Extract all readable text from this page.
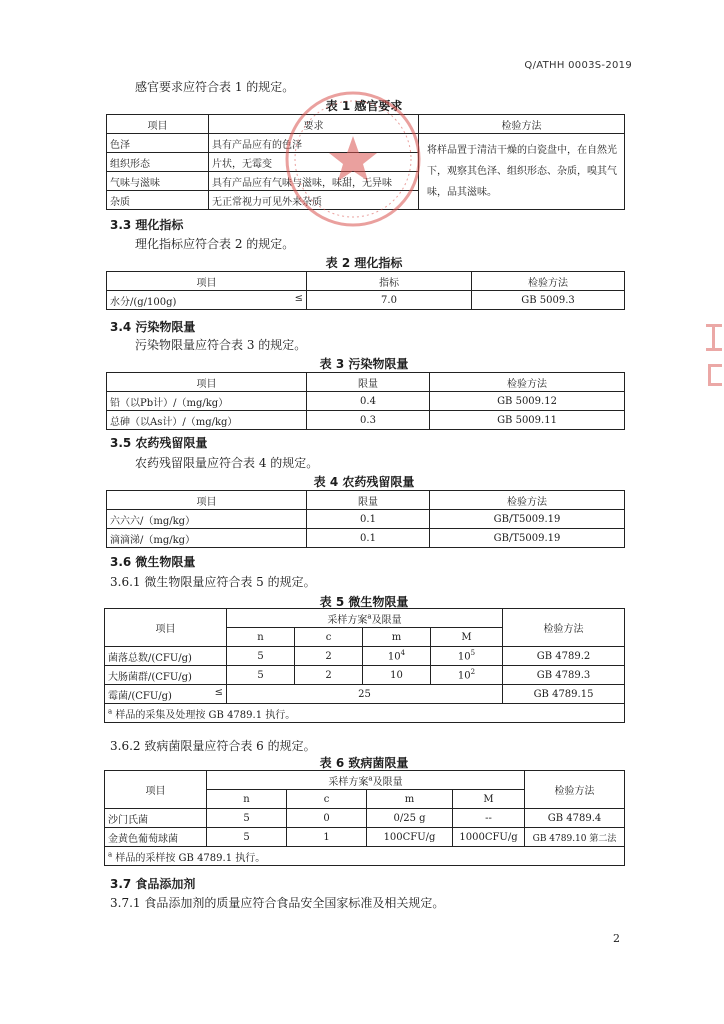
Q/ATHH 0003S-2019
感官要求应符合表 1 的规定。
表 1 感官要求
项目	要求	检验方法
色泽	具有产品应有的色泽	将样品置于清洁干燥的白瓷盘中，在自然光下，观察其色泽、组织形态、杂质，嗅其气味，品其滋味。
组织形态	片状，无霉变	
气味与滋味	具有产品应有气味与滋味，味甜，无异味	
杂质	无正常视力可见外来杂质	
3.3 理化指标
理化指标应符合表 2 的规定。
表 2 理化指标
项目	指标	检验方法
水分/(g/100g) ≤	7.0	GB 5009.3
3.4 污染物限量
污染物限量应符合表 3 的规定。
表 3 污染物限量
项目	限量	检验方法
铅（以Pb计）/（mg/kg）	0.4	GB 5009.12
总砷（以As计）/（mg/kg）	0.3	GB 5009.11
3.5 农药残留限量
农药残留限量应符合表 4 的规定。
表 4 农药残留限量
项目	限量	检验方法
六六六/（mg/kg）	0.1	GB/T5009.19
滴滴涕/（mg/kg）	0.1	GB/T5009.19
3.6 微生物限量
3.6.1 微生物限量应符合表 5 的规定。
表 5 微生物限量
项目	采样方案$^a$及限量				检验方法
	n	c	m	M	
菌落总数/(CFU/g)	5	2	$10^4$	$10^5$	GB 4789.2
大肠菌群/(CFU/g)	5	2	10	$10^2$	GB 4789.3
霉菌/(CFU/g) ≤	25				GB 4789.15
$^a$ 样品的采集及处理按 GB 4789.1 执行。					
3.6.2 致病菌限量应符合表 6 的规定。
表 6 致病菌限量
项目	采样方案$^a$及限量				检验方法
	n	c	m	M	
沙门氏菌	5	0	0/25 g	--	GB 4789.4
金黄色葡萄球菌	5	1	100CFU/g	1000CFU/g	GB 4789.10 第二法
$^a$ 样品的采样按 GB 4789.1 执行。					
3.7 食品添加剂
3.7.1 食品添加剂的质量应符合食品安全国家标准及相关规定。
2
